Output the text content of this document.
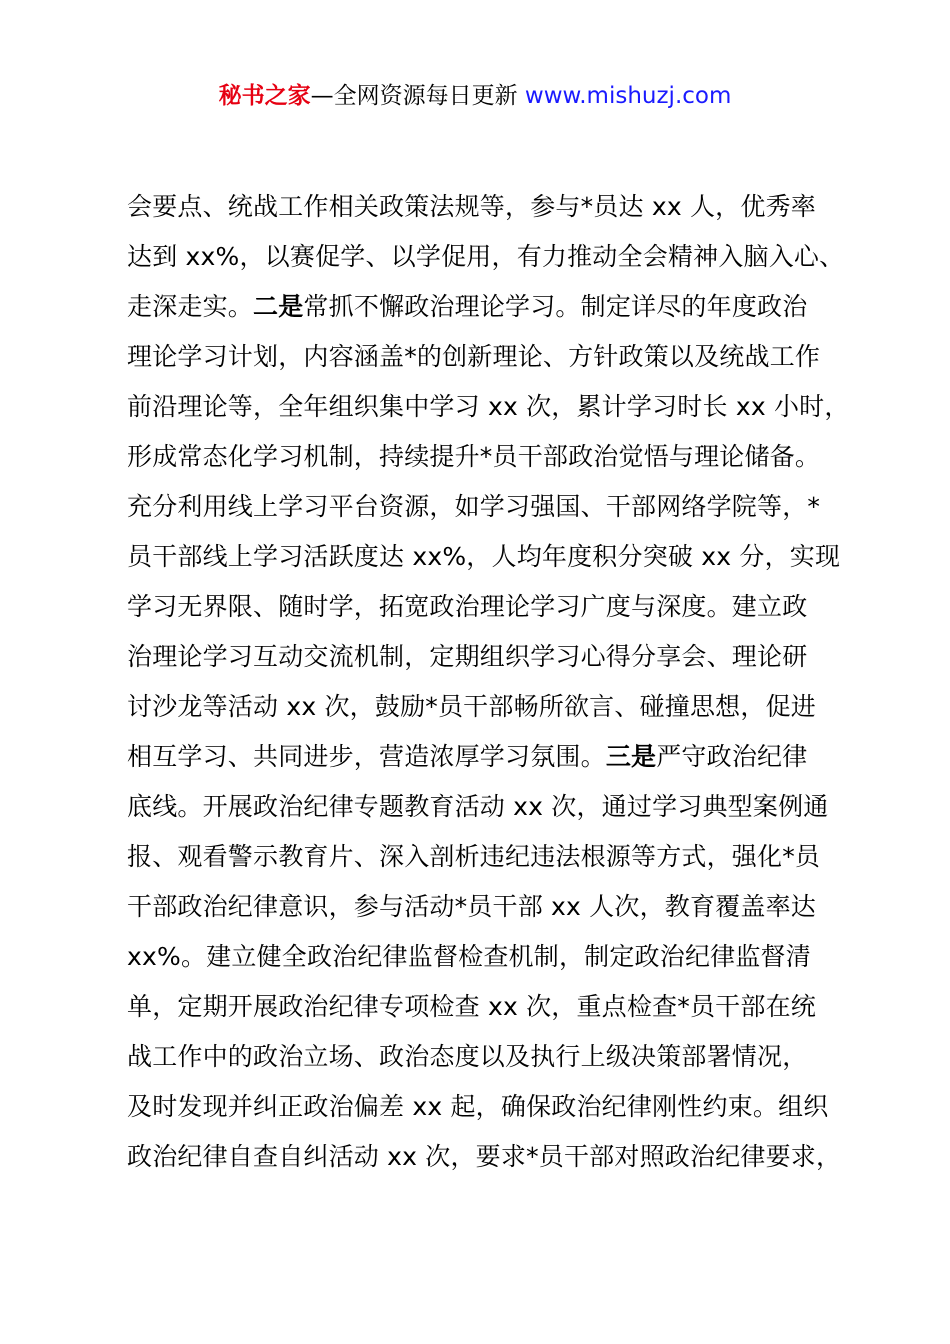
秘书之家—全网资源每日更新 www.mishuzj.com
会要点、统战工作相关政策法规等，参与*员达 xx 人，优秀率
达到 xx%，以赛促学、以学促用，有力推动全会精神入脑入心、
走深走实。二是常抓不懈政治理论学习。制定详尽的年度政治
理论学习计划，内容涵盖*的创新理论、方针政策以及统战工作
前沿理论等，全年组织集中学习 xx 次，累计学习时长 xx 小时，
形成常态化学习机制，持续提升*员干部政治觉悟与理论储备。
充分利用线上学习平台资源，如学习强国、干部网络学院等，*
员干部线上学习活跃度达 xx%，人均年度积分突破 xx 分，实现
学习无界限、随时学，拓宽政治理论学习广度与深度。建立政
治理论学习互动交流机制，定期组织学习心得分享会、理论研
讨沙龙等活动 xx 次，鼓励*员干部畅所欲言、碰撞思想，促进
相互学习、共同进步，营造浓厚学习氛围。三是严守政治纪律
底线。开展政治纪律专题教育活动 xx 次，通过学习典型案例通
报、观看警示教育片、深入剖析违纪违法根源等方式，强化*员
干部政治纪律意识，参与活动*员干部 xx 人次，教育覆盖率达
xx%。建立健全政治纪律监督检查机制，制定政治纪律监督清
单，定期开展政治纪律专项检查 xx 次，重点检查*员干部在统
战工作中的政治立场、政治态度以及执行上级决策部署情况，
及时发现并纠正政治偏差 xx 起，确保政治纪律刚性约束。组织
政治纪律自查自纠活动 xx 次，要求*员干部对照政治纪律要求，
